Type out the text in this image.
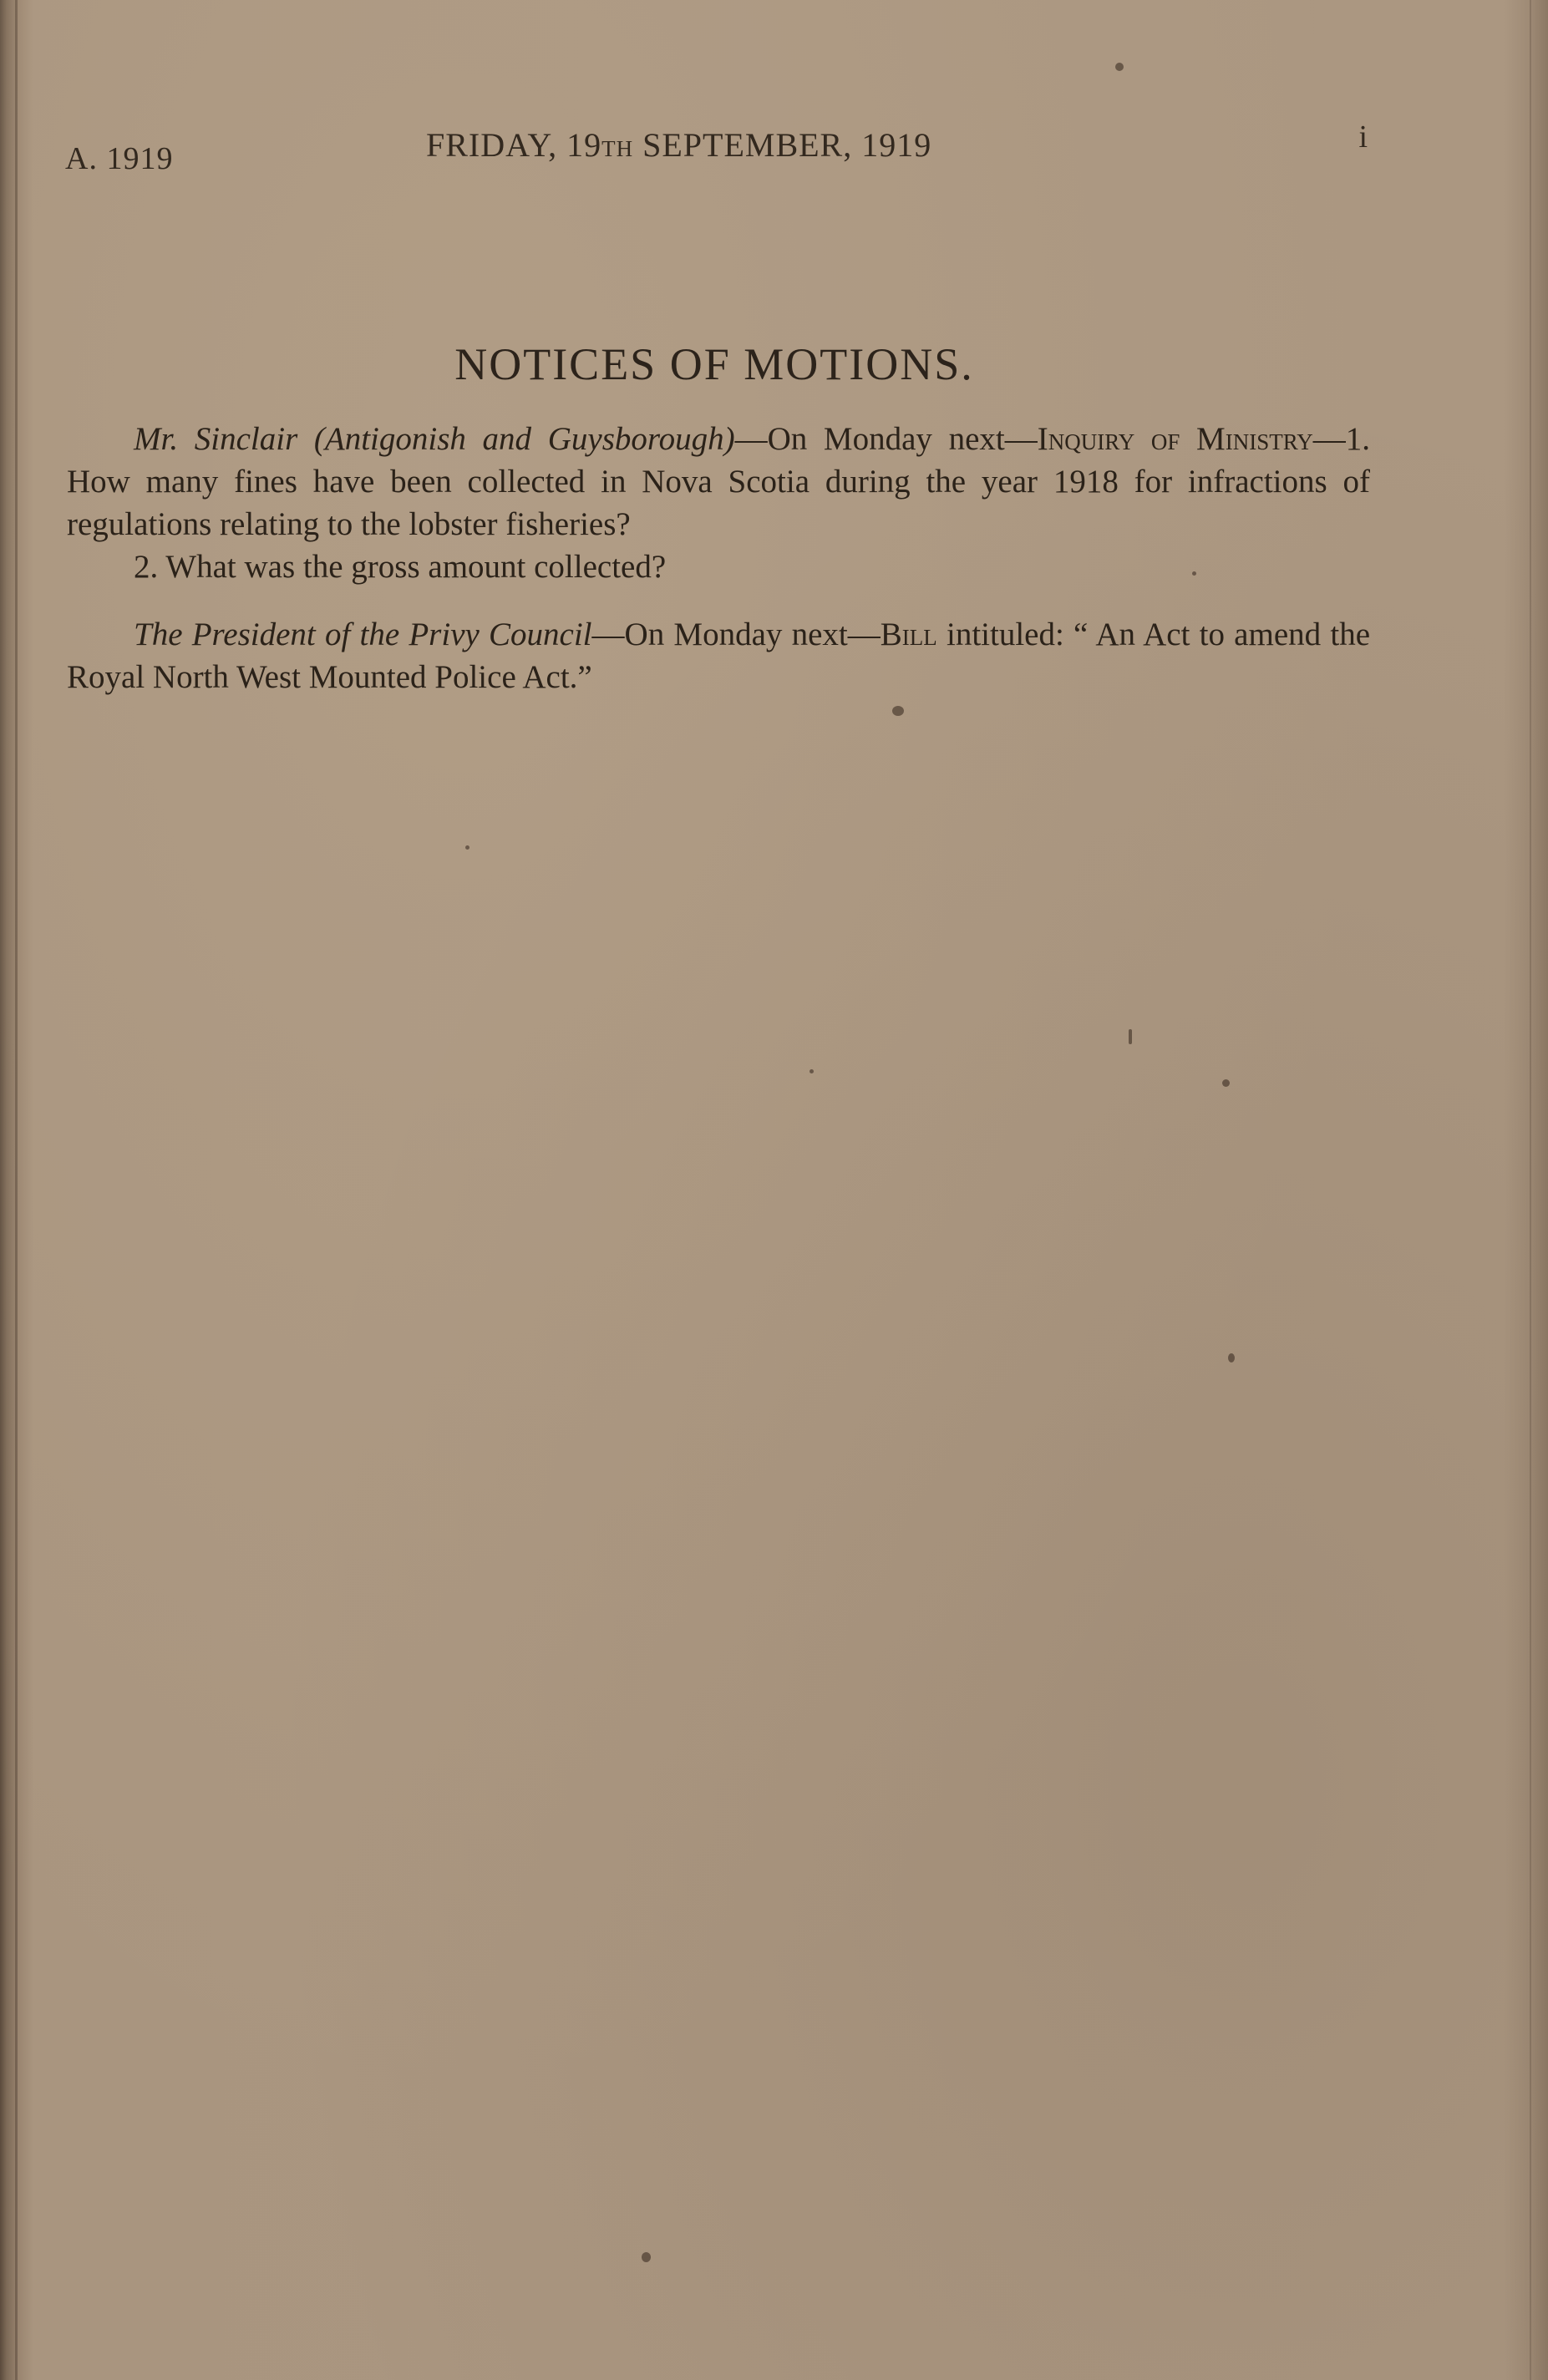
A. 1919	FRIDAY, 19TH SEPTEMBER, 1919	i
NOTICES OF MOTIONS.

Mr. Sinclair (Antigonish and Guysborough)—On Monday next—Inquiry of Ministry—1. How many fines have been collected in Nova Scotia during the year 1918 for infractions of regulations relating to the lobster fisheries?

2. What was the gross amount collected?

The President of the Privy Council—On Monday next—Bill intituled: “ An Act to amend the Royal North West Mounted Police Act.”
